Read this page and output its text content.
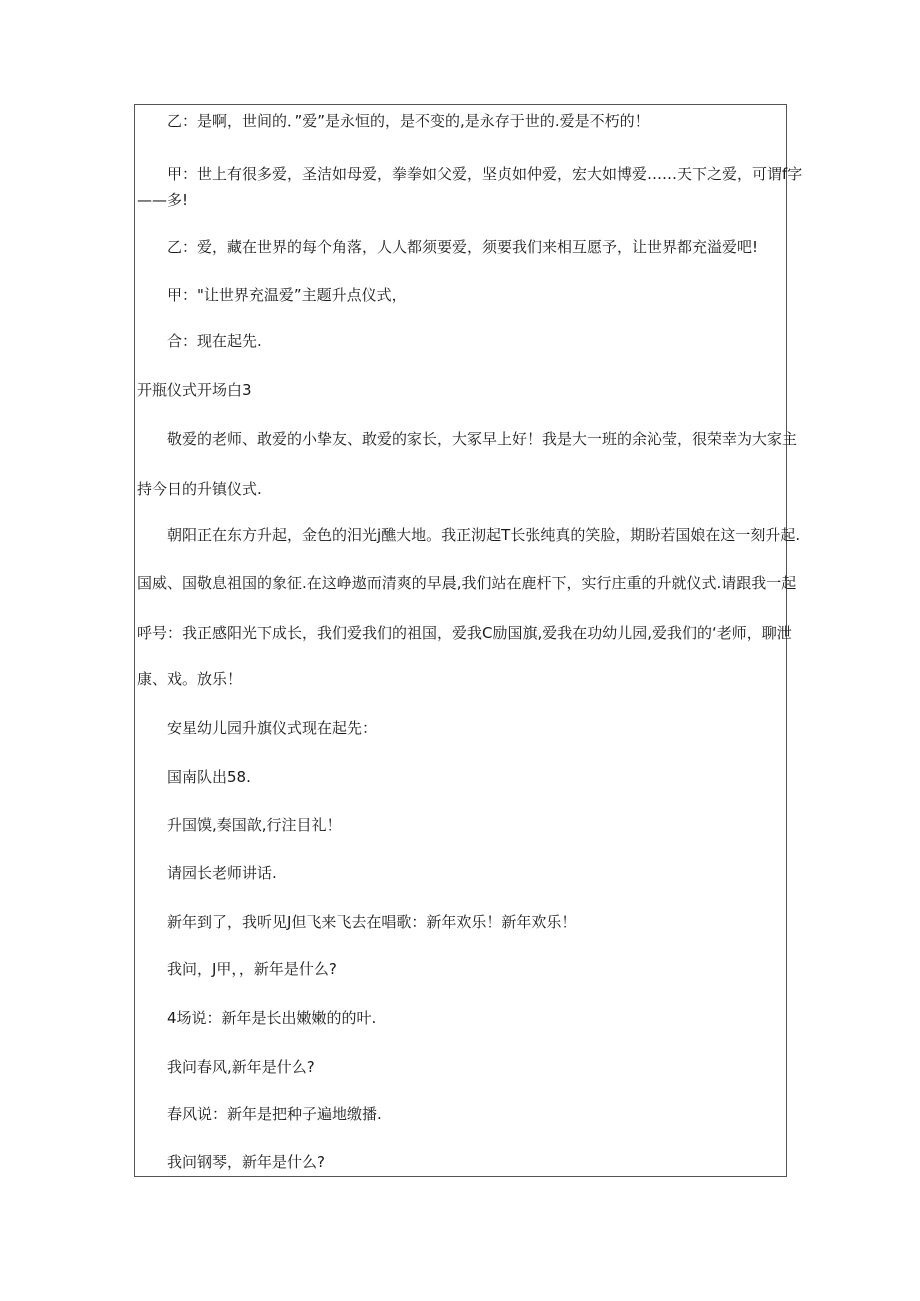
乙：是啊，世间的．”爱”是永恒的，是不变的,是永存于世的.爱是不朽的！
甲：世上有很多爱，圣洁如母爱，拳拳如父爱，坚贞如仲爱，宏大如博爱……天下之爱，可谓f字
——多!
乙：爱，藏在世界的每个角落，人人都须要爱，须要我们来相互愿予，让世界都充溢爱吧!
甲："让世界充温爱”主题升点仪式，
合：现在起先.
开瓶仪式开场白3
敬爱的老师、敢爱的小挚友、敢爱的家长，大冢早上好！我是大一班的余沁莹，很荣幸为大家主
持今日的升镇仪式.
朝阳正在东方升起，金色的汨光j醮大地。我正沏起T长张纯真的笑脸，期盼若国娘在这一刻升起.
国威、国敬息祖国的象征.在这峥遨而清爽的早晨,我们站在鹿杆下，实行庄重的升就仪式.请跟我一起
呼号：我正感阳光下成长，我们爱我们的祖国，爱我C励国旗,爱我在功幼儿园,爱我们的‘老师，聊泄
康、戏。放乐！
安星幼儿园升旗仪式现在起先：
国南队出58.
升国馍,奏国歆,行注目礼！
请园长老师讲话.
新年到了，我听见J但飞来飞去在唱歌：新年欢乐！新年欢乐！
我问，J甲，，新年是什么?
4场说：新年是长出嫩嫩的的叶.
我问春风,新年是什么?
春风说：新年是把种子遍地缴播.
我问钢琴，新年是什么?
